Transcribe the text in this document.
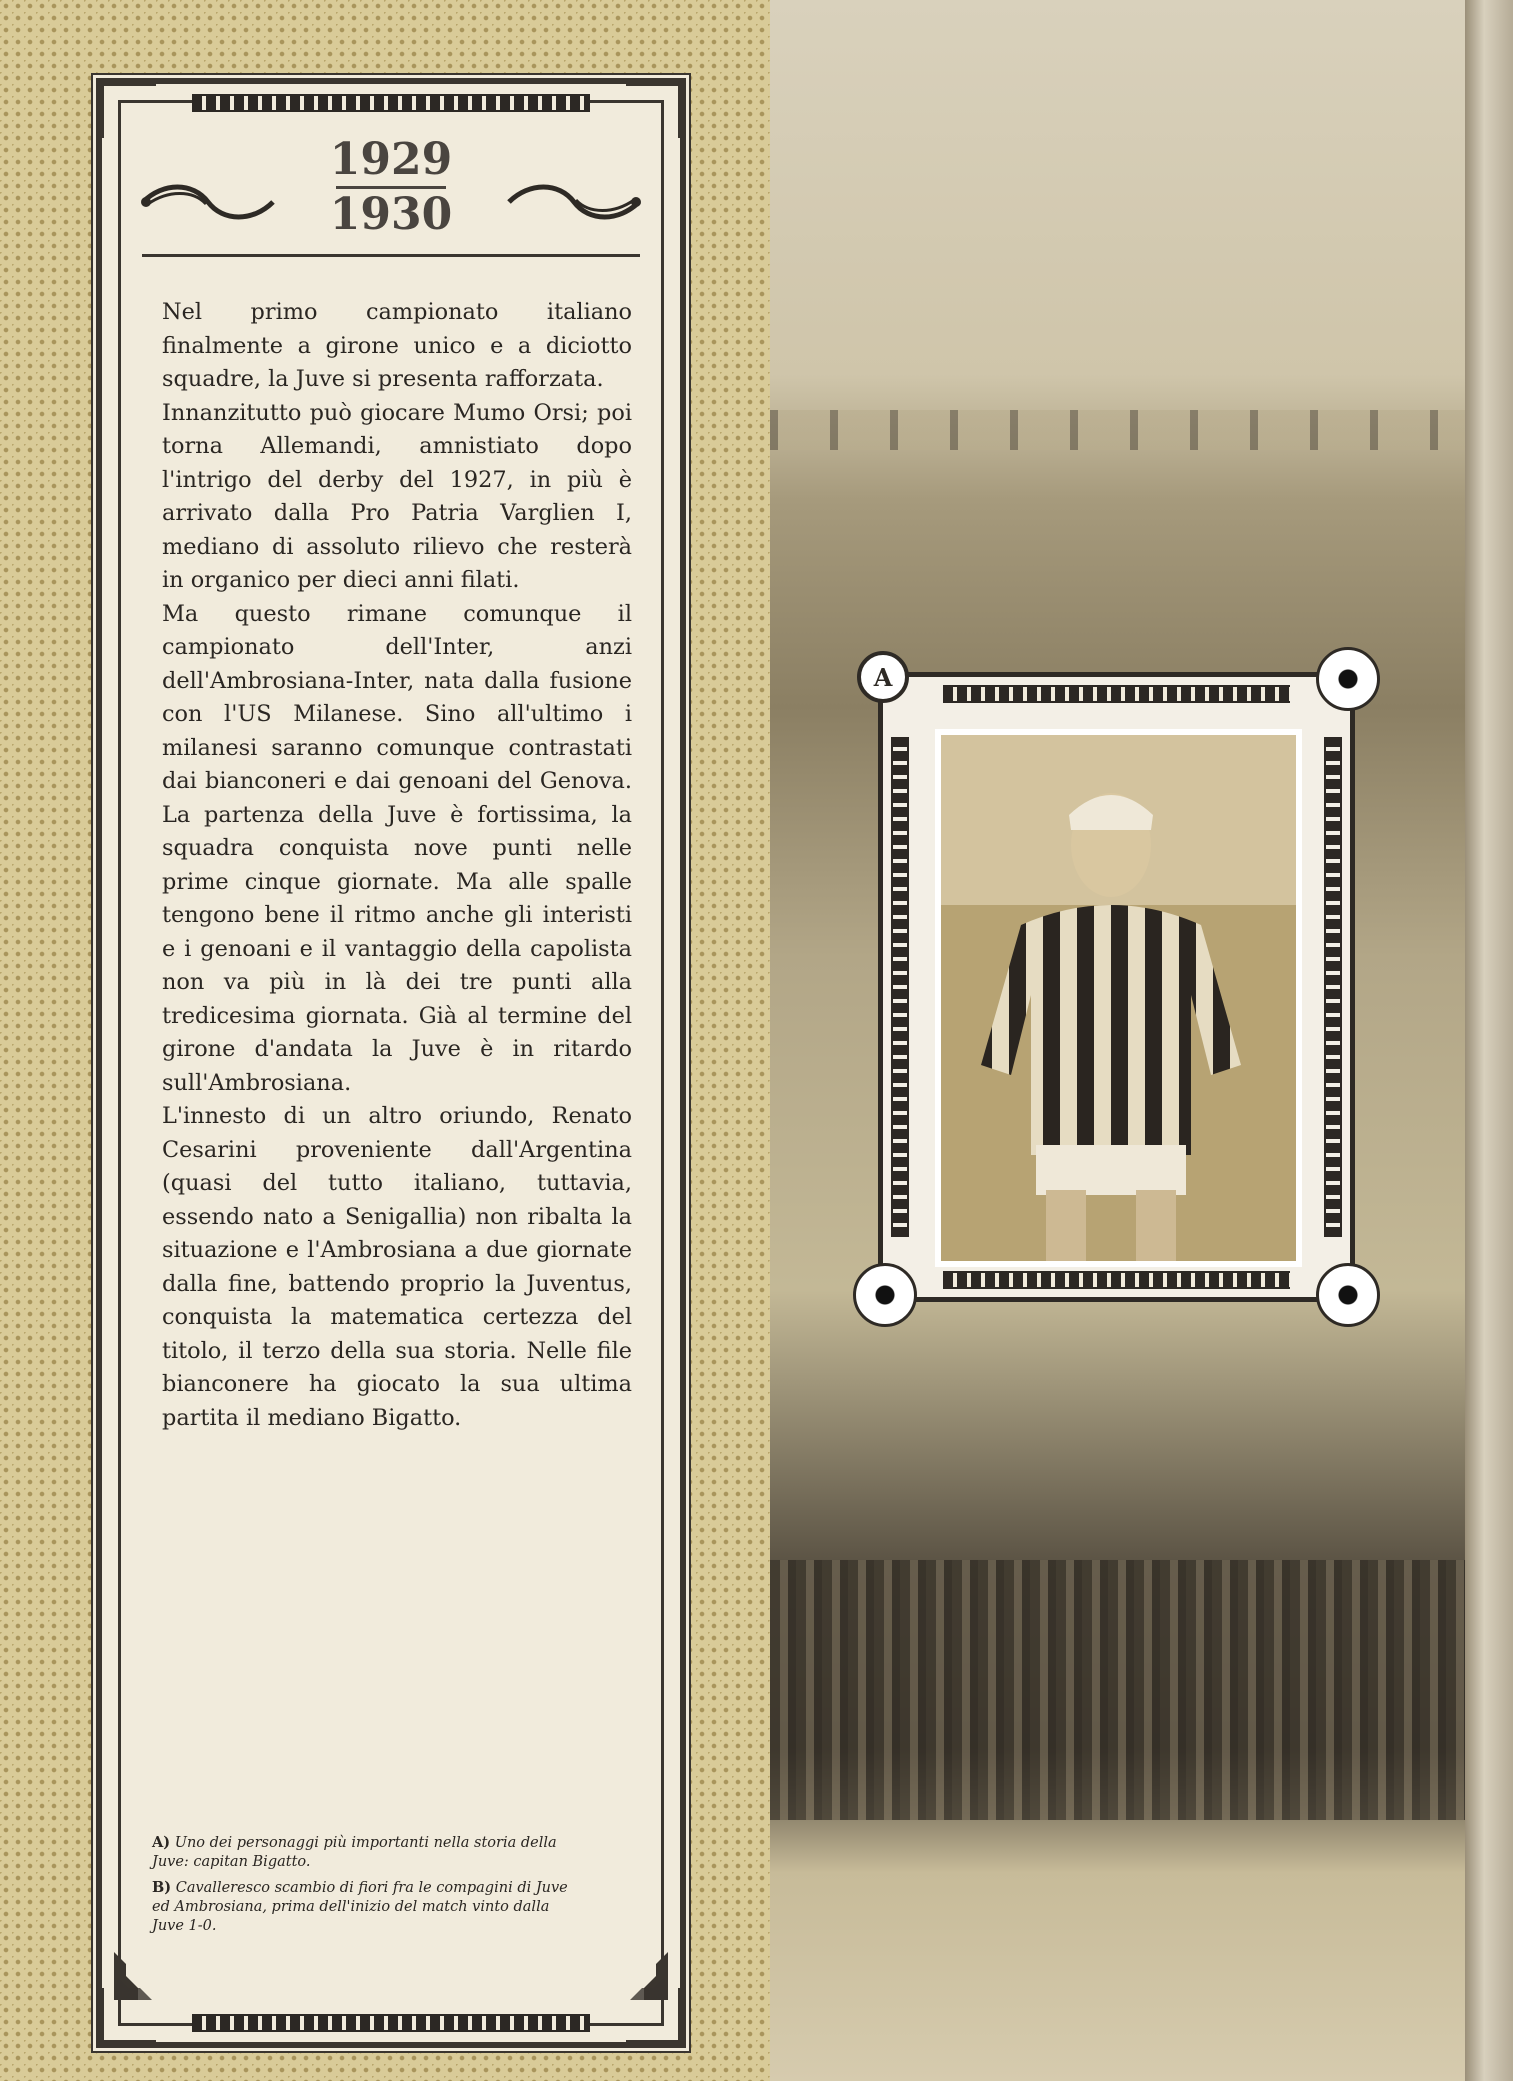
1929
1930

Nel primo campionato italiano finalmente a girone unico e a diciotto squadre, la Juve si presenta rafforzata.

Innanzitutto può giocare Mumo Orsi; poi torna Allemandi, amnistiato dopo l'intrigo del derby del 1927, in più è arrivato dalla Pro Patria Varglien I, mediano di assoluto rilievo che resterà in organico per dieci anni filati.

Ma questo rimane comunque il campionato dell'Inter, anzi dell'Ambrosiana-Inter, nata dalla fusione con l'US Milanese. Sino all'ultimo i milanesi saranno comunque contrastati dai bianconeri e dai genoani del Genova. La partenza della Juve è fortissima, la squadra conquista nove punti nelle prime cinque giornate. Ma alle spalle tengono bene il ritmo anche gli interisti e i genoani e il vantaggio della capolista non va più in là dei tre punti alla tredicesima giornata. Già al termine del girone d'andata la Juve è in ritardo sull'Ambrosiana.

L'innesto di un altro oriundo, Renato Cesarini proveniente dall'Argentina (quasi del tutto italiano, tuttavia, essendo nato a Senigallia) non ribalta la situazione e l'Ambrosiana a due giornate dalla fine, battendo proprio la Juventus, conquista la matematica certezza del titolo, il terzo della sua storia. Nelle file bianconere ha giocato la sua ultima partita il mediano Bigatto.

A) Uno dei personaggi più importanti nella storia della Juve: capitan Bigatto.

B) Cavalleresco scambio di fiori fra le compagini di Juve ed Ambrosiana, prima dell'inizio del match vinto dalla Juve 1-0.

A
